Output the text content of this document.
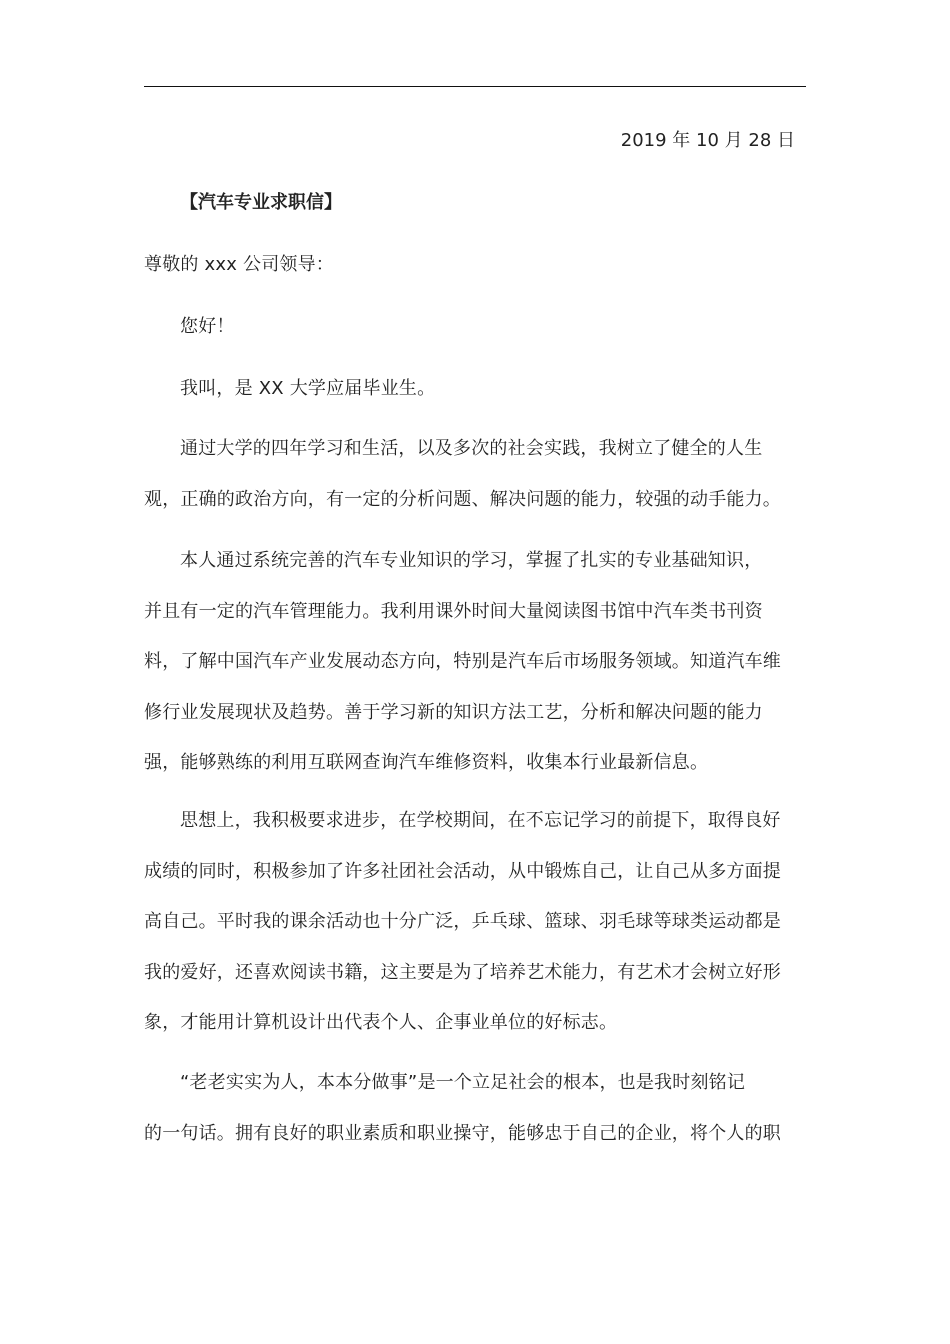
2019 年 10 月 28 日
【汽车专业求职信】
尊敬的 xxx 公司领导：
您好！
我叫，是 XX 大学应届毕业生。
通过大学的四年学习和生活，以及多次的社会实践，我树立了健全的人生
观，正确的政治方向，有一定的分析问题、解决问题的能力，较强的动手能力。
本人通过系统完善的汽车专业知识的学习，掌握了扎实的专业基础知识，
并且有一定的汽车管理能力。我利用课外时间大量阅读图书馆中汽车类书刊资
料，了解中国汽车产业发展动态方向，特别是汽车后市场服务领域。知道汽车维
修行业发展现状及趋势。善于学习新的知识方法工艺，分析和解决问题的能力
强，能够熟练的利用互联网查询汽车维修资料，收集本行业最新信息。
思想上，我积极要求进步，在学校期间，在不忘记学习的前提下，取得良好
成绩的同时，积极参加了许多社团社会活动，从中锻炼自己，让自己从多方面提
高自己。平时我的课余活动也十分广泛，乒乓球、篮球、羽毛球等球类运动都是
我的爱好，还喜欢阅读书籍，这主要是为了培养艺术能力，有艺术才会树立好形
象，才能用计算机设计出代表个人、企事业单位的好标志。
“老老实实为人，本本分做事”是一个立足社会的根本，也是我时刻铭记
的一句话。拥有良好的职业素质和职业操守，能够忠于自己的企业，将个人的职
